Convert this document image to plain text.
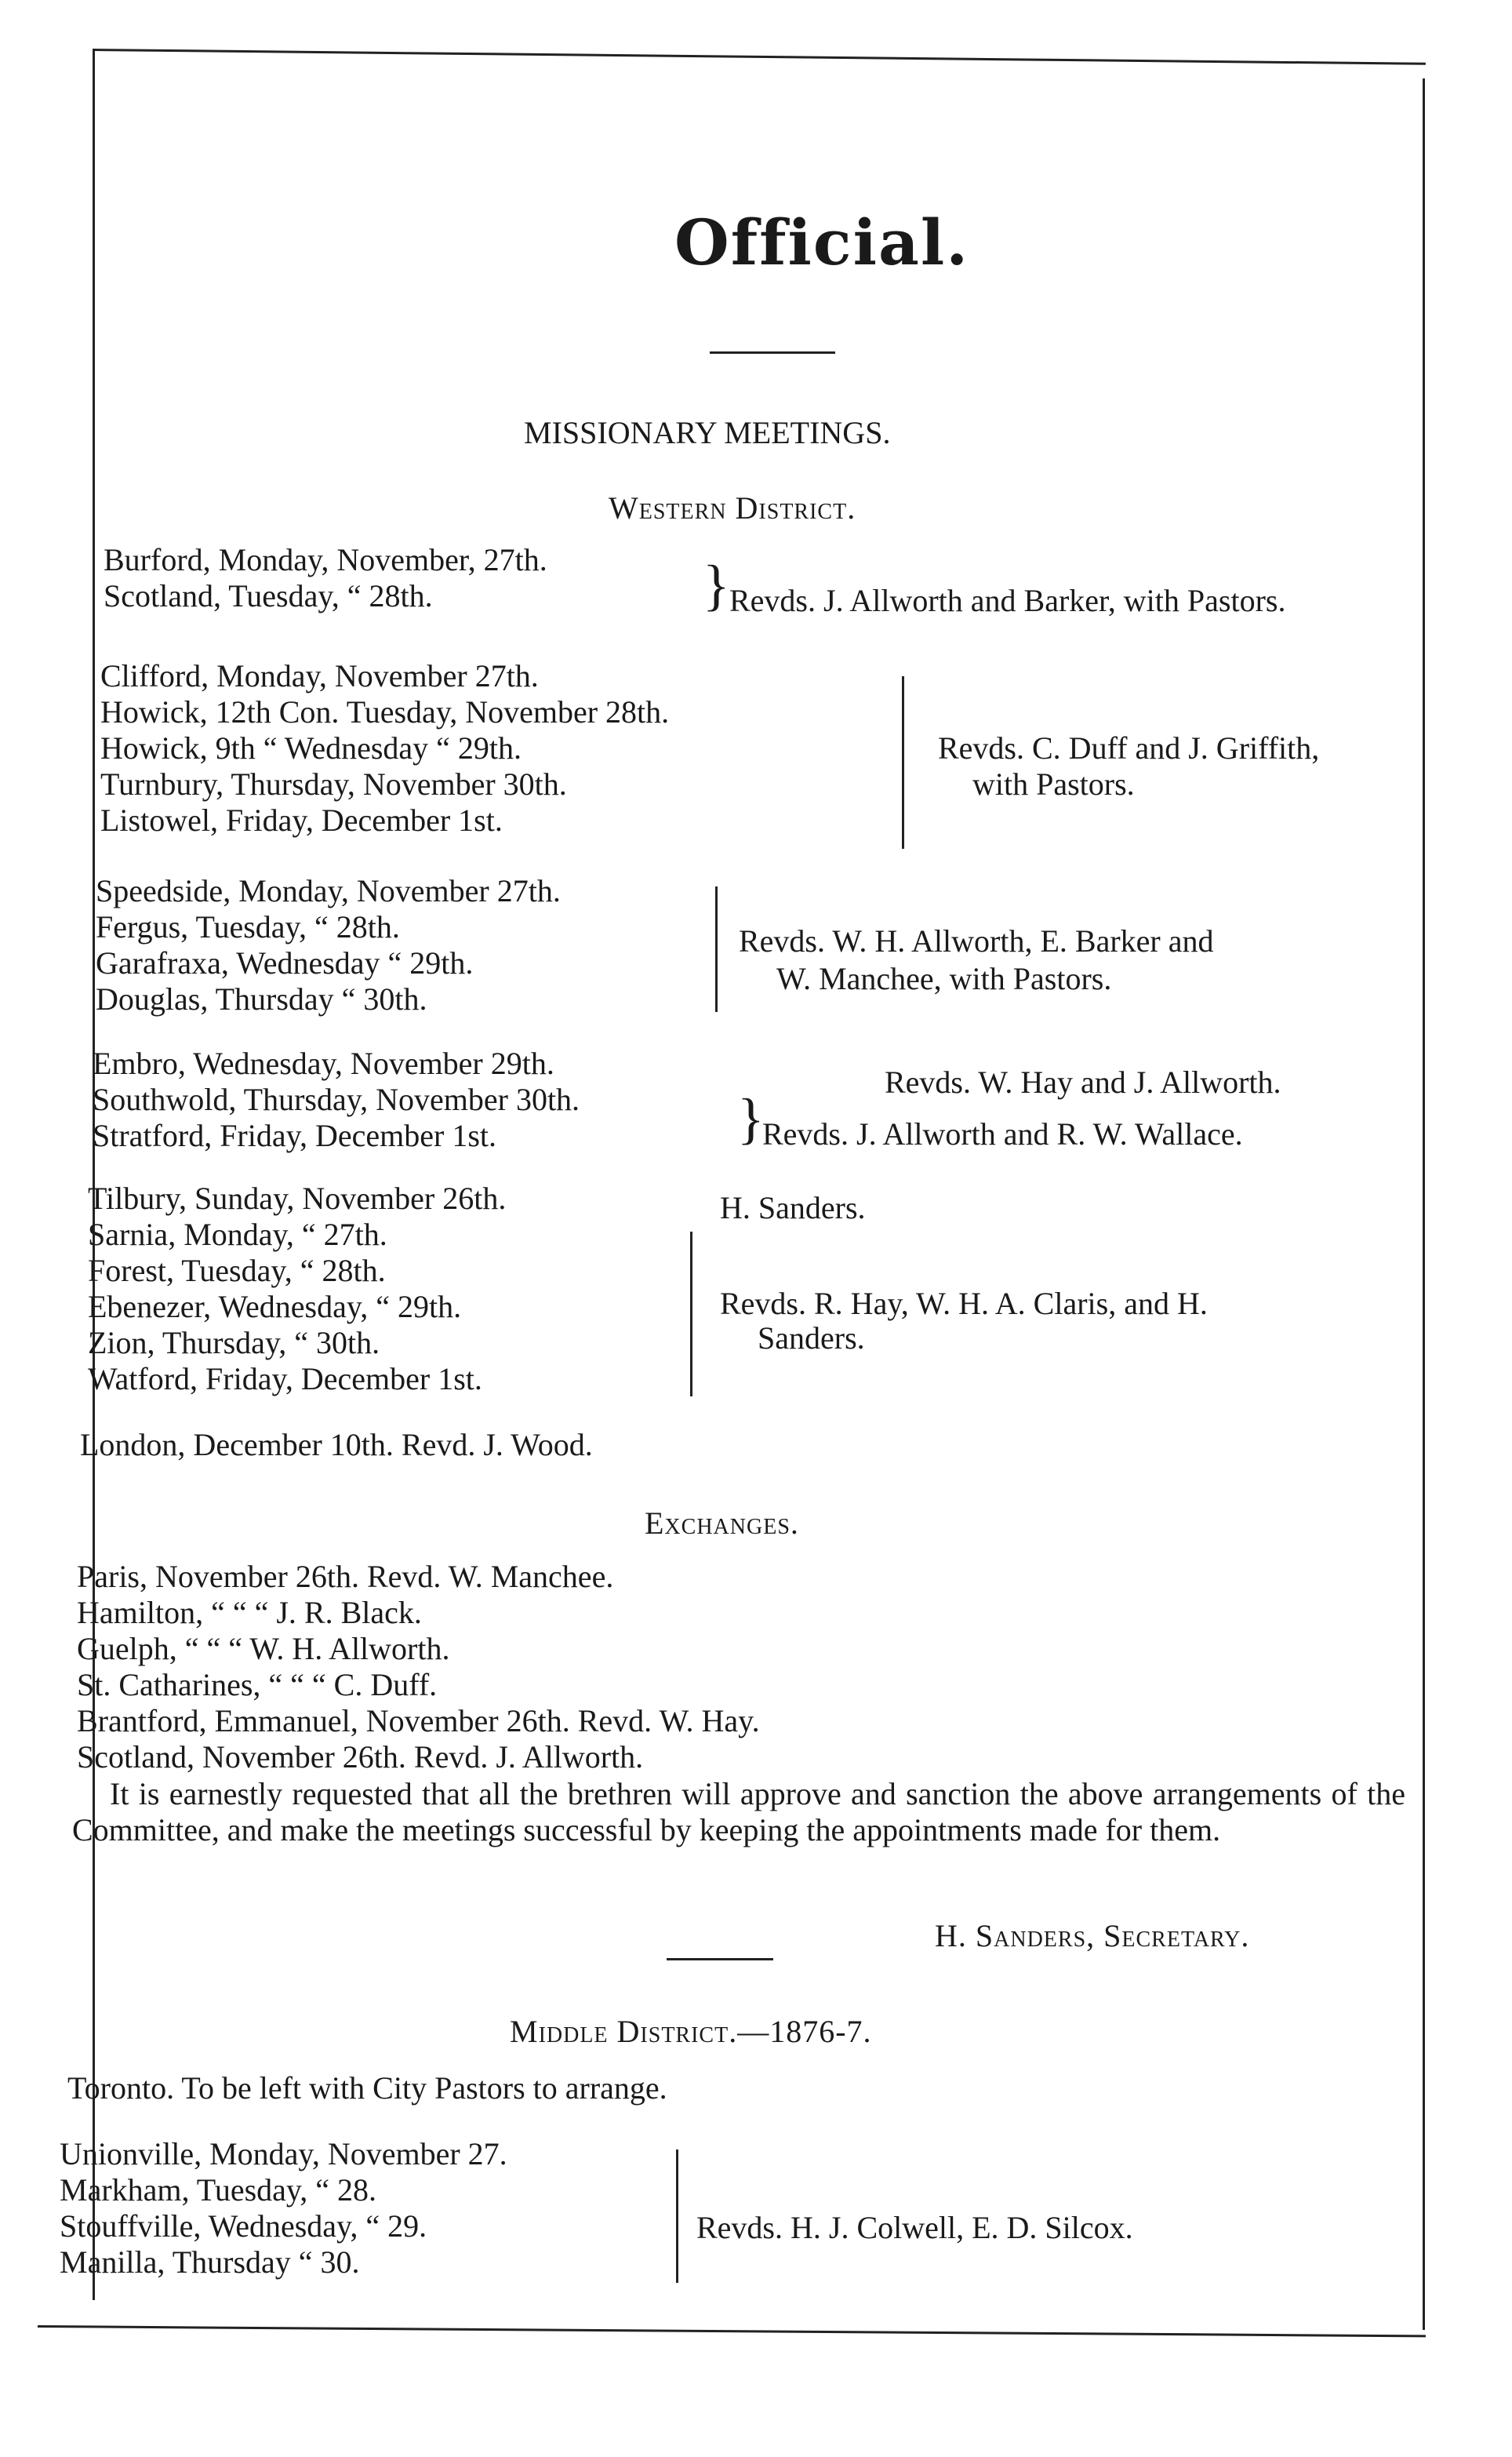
Official.
MISSIONARY MEETINGS.
Western District.
Burford, Monday, November, 27th.
Scotland, Tuesday, “ 28th.	} Revds. J. Allworth and Barker, with Pastors.
Clifford, Monday, November 27th.
Howick, 12th Con. Tuesday, November 28th.
Howick, 9th “ Wednesday “ 29th.
Turnbury, Thursday, November 30th.
Listowel, Friday, December 1st.
Revds. C. Duff and J. Griffith,
with Pastors.
Speedside, Monday, November 27th.
Fergus, Tuesday, “ 28th.
Garafraxa, Wednesday “ 29th.
Douglas, Thursday “ 30th.
Revds. W. H. Allworth, E. Barker and
W. Manchee, with Pastors.
Embro, Wednesday, November 29th.
Southwold, Thursday, November 30th.
Stratford, Friday, December 1st.	}
Revds. W. Hay and J. Allworth.
Revds. J. Allworth and R. W. Wallace.
Tilbury, Sunday, November 26th.
Sarnia, Monday, “ 27th.
Forest, Tuesday, “ 28th.
Ebenezer, Wednesday, “ 29th.
Zion, Thursday, “ 30th.
Watford, Friday, December 1st.
H. Sanders.
Revds. R. Hay, W. H. A. Claris, and H.
Sanders.
London, December 10th. Revd. J. Wood.
Exchanges.
Paris, November 26th. Revd. W. Manchee.
Hamilton, “ “ “ J. R. Black.
Guelph, “ “ “ W. H. Allworth.
St. Catharines, “ “ “ C. Duff.
Brantford, Emmanuel, November 26th. Revd. W. Hay.
Scotland, November 26th. Revd. J. Allworth.
It is earnestly requested that all the brethren will approve and sanction the above arrangements of the Committee, and make the meetings successful by keeping the appointments made for them.
H. Sanders, Secretary.
Middle District.—1876-7.
Toronto. To be left with City Pastors to arrange.
Unionville, Monday, November 27.
Markham, Tuesday, “ 28.
Stouffville, Wednesday, “ 29.
Manilla, Thursday “ 30.
Revds. H. J. Colwell, E. D. Silcox.
